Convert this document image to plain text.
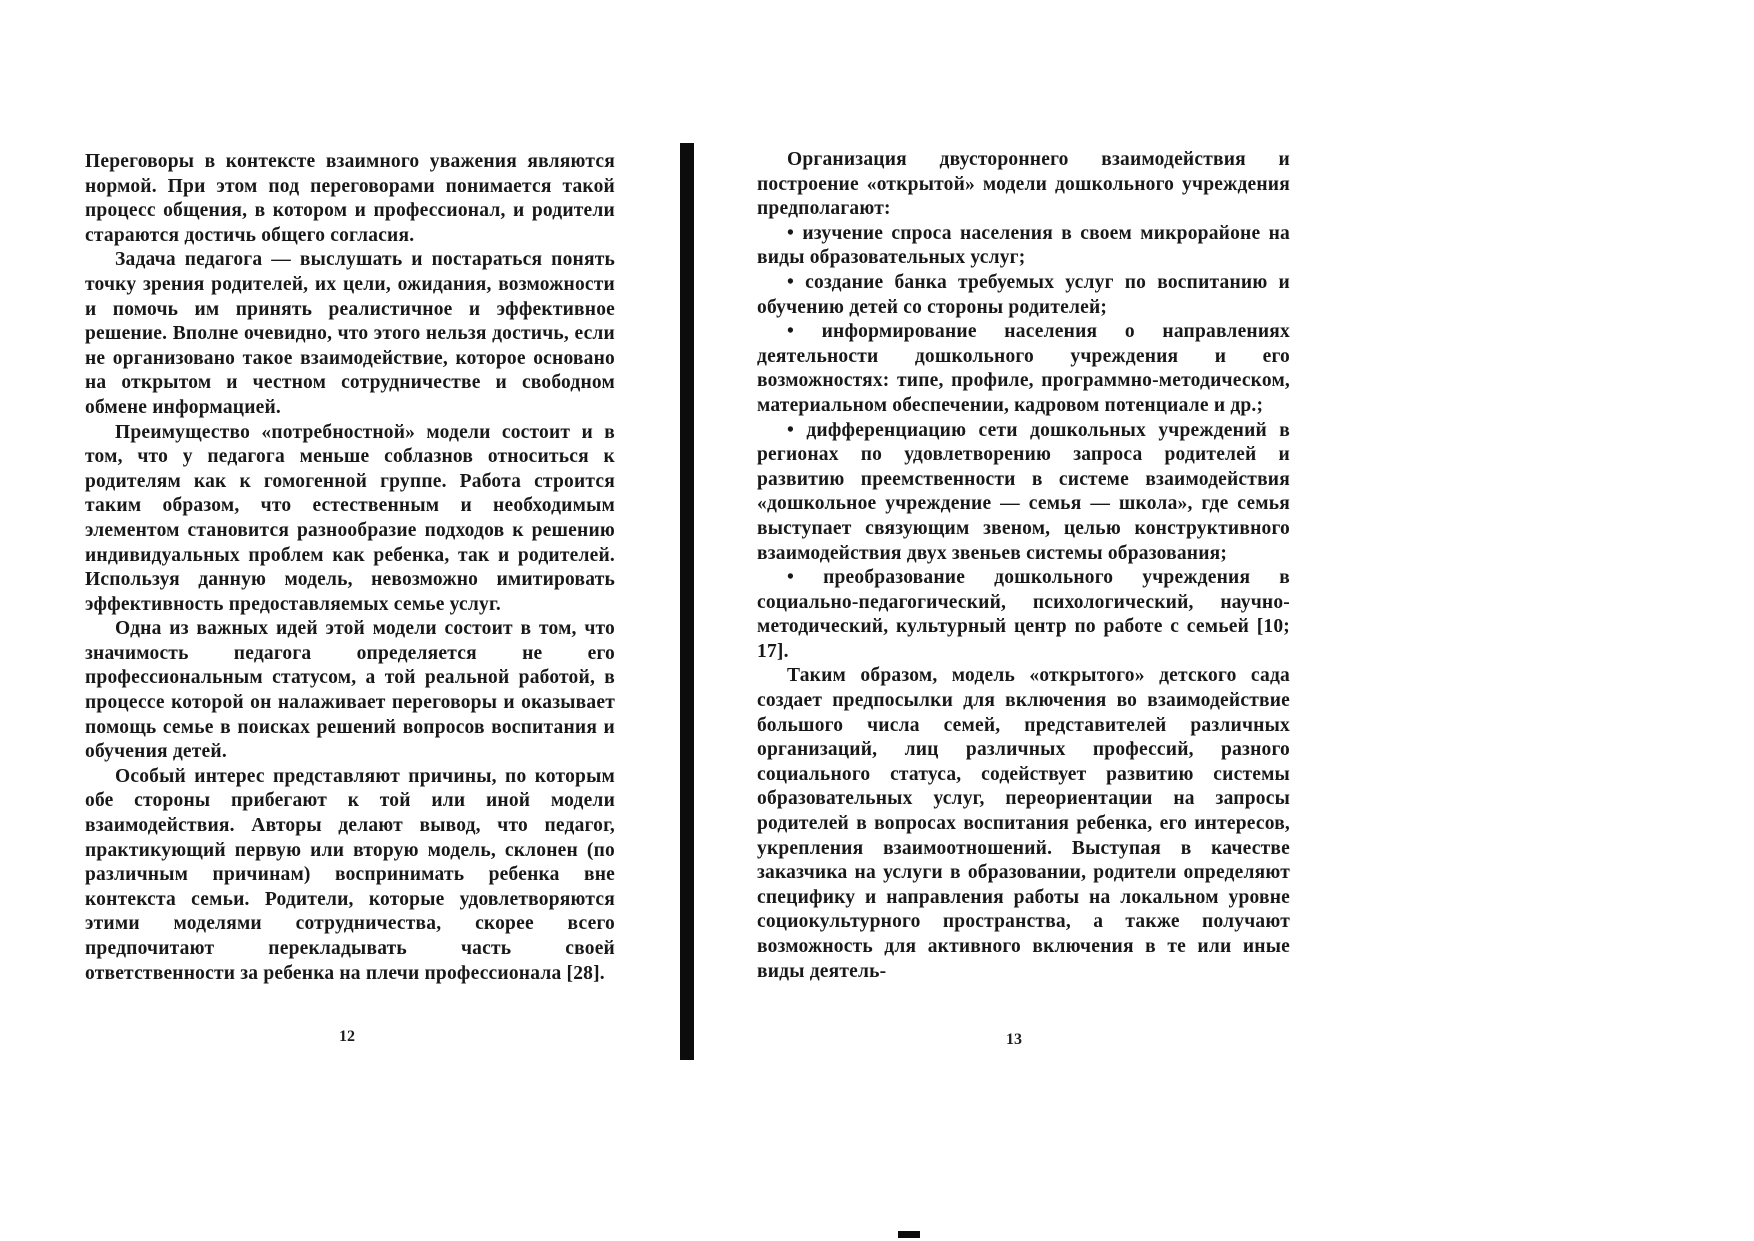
Переговоры в контексте взаимного уважения являются нормой. При этом под переговорами понимается такой процесс общения, в котором и профессионал, и родители стараются достичь общего согласия.

Задача педагога — выслушать и постараться понять точку зрения родителей, их цели, ожидания, возможности и помочь им принять реалистичное и эффективное решение. Вполне очевидно, что этого нельзя достичь, если не организовано такое взаимодействие, которое основано на открытом и честном сотрудничестве и свободном обмене информацией.

Преимущество «потребностной» модели состоит и в том, что у педагога меньше соблазнов относиться к родителям как к гомогенной группе. Работа строится таким образом, что естественным и необходимым элементом становится разнообразие подходов к решению индивидуальных проблем как ребенка, так и родителей. Используя данную модель, невозможно имитировать эффективность предоставляемых семье услуг.

Одна из важных идей этой модели состоит в том, что значимость педагога определяется не его профессиональным статусом, а той реальной работой, в процессе которой он налаживает переговоры и оказывает помощь семье в поисках решений вопросов воспитания и обучения детей.

Особый интерес представляют причины, по которым обе стороны прибегают к той или иной модели взаимодействия. Авторы делают вывод, что педагог, практикующий первую или вторую модель, склонен (по различным причинам) воспринимать ребенка вне контекста семьи. Родители, которые удовлетворяются этими моделями сотрудничества, скорее всего предпочитают перекладывать часть своей ответственности за ребенка на плечи профессионала [28].

Организация двустороннего взаимодействия и построение «открытой» модели дошкольного учреждения предполагают:

• изучение спроса населения в своем микрорайоне на виды образовательных услуг;

• создание банка требуемых услуг по воспитанию и обучению детей со стороны родителей;

• информирование населения о направлениях деятельности дошкольного учреждения и его возможностях: типе, профиле, программно-методическом, материальном обеспечении, кадровом потенциале и др.;

• дифференциацию сети дошкольных учреждений в регионах по удовлетворению запроса родителей и развитию преемственности в системе взаимодействия «дошкольное учреждение — семья — школа», где семья выступает связующим звеном, целью конструктивного взаимодействия двух звеньев системы образования;

• преобразование дошкольного учреждения в социально-педагогический, психологический, научно-методический, культурный центр по работе с семьей [10; 17].

Таким образом, модель «открытого» детского сада создает предпосылки для включения во взаимодействие большого числа семей, представителей различных организаций, лиц различных профессий, разного социального статуса, содействует развитию системы образовательных услуг, переориентации на запросы родителей в вопросах воспитания ребенка, его интересов, укрепления взаимоотношений. Выступая в качестве заказчика на услуги в образовании, родители определяют специфику и направления работы на локальном уровне социокультурного пространства, а также получают возможность для активного включения в те или иные виды деятель-

12	13
